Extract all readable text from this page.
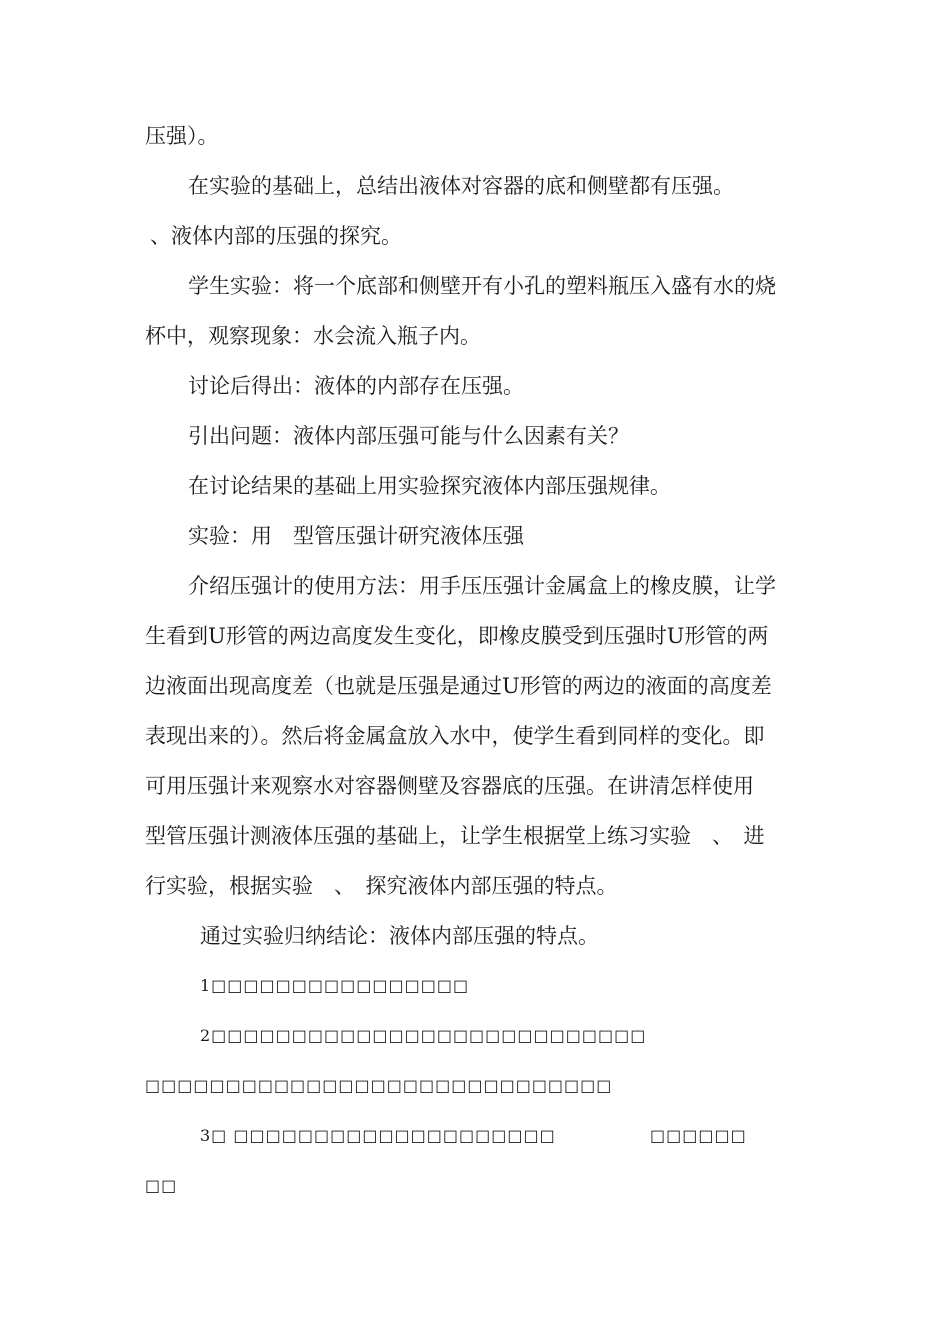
压强）。
在实验的基础上，总结出液体对容器的底和侧壁都有压强。
、液体内部的压强的探究。
学生实验：将一个底部和侧壁开有小孔的塑料瓶压入盛有水的烧
杯中，观察现象：水会流入瓶子内。
讨论后得出：液体的内部存在压强。
引出问题：液体内部压强可能与什么因素有关？
在讨论结果的基础上用实验探究液体内部压强规律。
实验：用　型管压强计研究液体压强
介绍压强计的使用方法：用手压压强计金属盒上的橡皮膜，让学
生看到U形管的两边高度发生变化，即橡皮膜受到压强时U形管的两
边液面出现高度差（也就是压强是通过U形管的两边的液面的高度差
表现出来的）。然后将金属盒放入水中，使学生看到同样的变化。即
可用压强计来观察水对容器侧壁及容器底的压强。在讲清怎样使用
型管压强计测液体压强的基础上，让学生根据堂上练习实验　、　进
行实验，根据实验　、　探究液体内部压强的特点。
通过实验归纳结论：液体内部压强的特点。
1□□□□□□□□□□□□□□□□
2□□□□□□□□□□□□□□□□□□□□□□□□□□□
□□□□□□□□□□□□□□□□□□□□□□□□□□□□□
3□ □□□□□□□□□□□□□□□□□□□□	□□□□□□
□□
